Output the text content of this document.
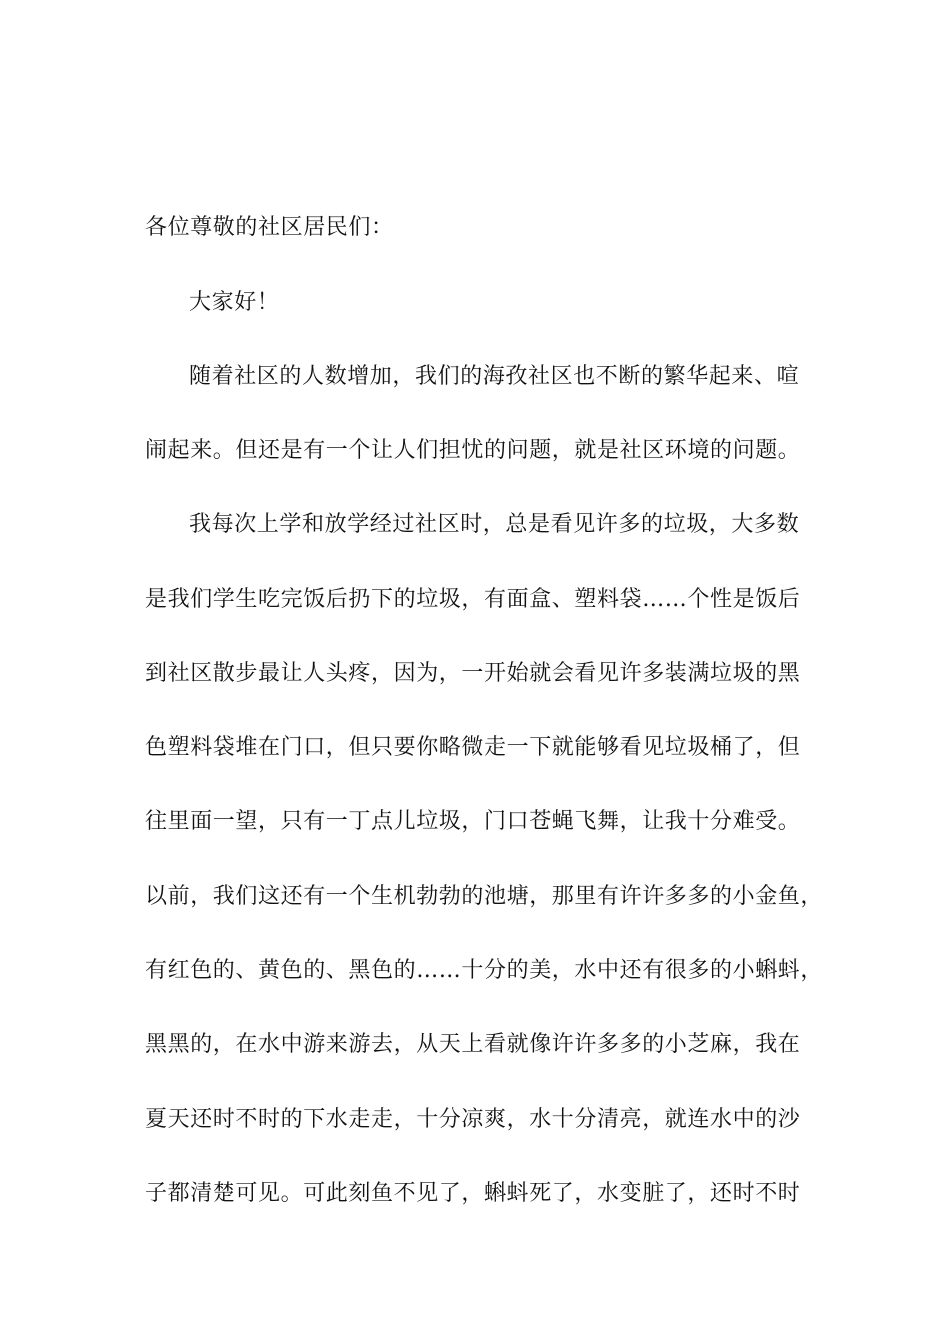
各位尊敬的社区居民们：
大家好！
随着社区的人数增加，我们的海孜社区也不断的繁华起来、喧
闹起来。但还是有一个让人们担忧的问题，就是社区环境的问题。
我每次上学和放学经过社区时，总是看见许多的垃圾，大多数
是我们学生吃完饭后扔下的垃圾，有面盒、塑料袋……个性是饭后
到社区散步最让人头疼，因为，一开始就会看见许多装满垃圾的黑
色塑料袋堆在门口，但只要你略微走一下就能够看见垃圾桶了，但
往里面一望，只有一丁点儿垃圾，门口苍蝇飞舞，让我十分难受。
以前，我们这还有一个生机勃勃的池塘，那里有许许多多的小金鱼，
有红色的、黄色的、黑色的……十分的美，水中还有很多的小蝌蚪，
黑黑的，在水中游来游去，从天上看就像许许多多的小芝麻，我在
夏天还时不时的下水走走，十分凉爽，水十分清亮，就连水中的沙
子都清楚可见。可此刻鱼不见了，蝌蚪死了，水变脏了，还时不时
